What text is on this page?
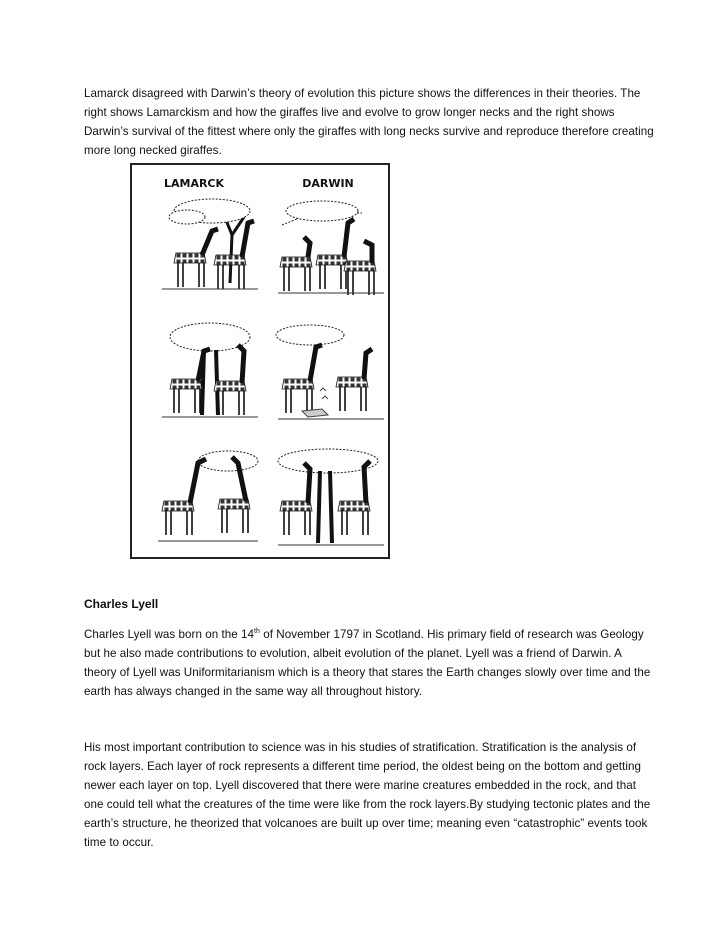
Lamarck disagreed with Darwin’s theory of evolution this picture shows the differences in their theories. The right shows Lamarckism and how the giraffes live and evolve to grow longer necks and the right shows Darwin’s survival of the fittest where only the giraffes with long necks survive and reproduce therefore creating more long necked giraffes.

LAMARCK	DARWIN
Charles Lyell

Charles Lyell was born on the 14th of November 1797 in Scotland. His primary field of research was Geology but he also made contributions to evolution, albeit evolution of the planet. Lyell was a friend of Darwin. A theory of Lyell was Uniformitarianism which is a theory that stares the Earth changes slowly over time and the earth has always changed in the same way all throughout history.

His most important contribution to science was in his studies of stratification. Stratification is the analysis of rock layers. Each layer of rock represents a different time period, the oldest being on the bottom and getting newer each layer on top. Lyell discovered that there were marine creatures embedded in the rock, and that one could tell what the creatures of the time were like from the rock layers.By studying tectonic plates and the earth’s structure, he theorized that volcanoes are built up over time; meaning even “catastrophic” events took time to occur.
